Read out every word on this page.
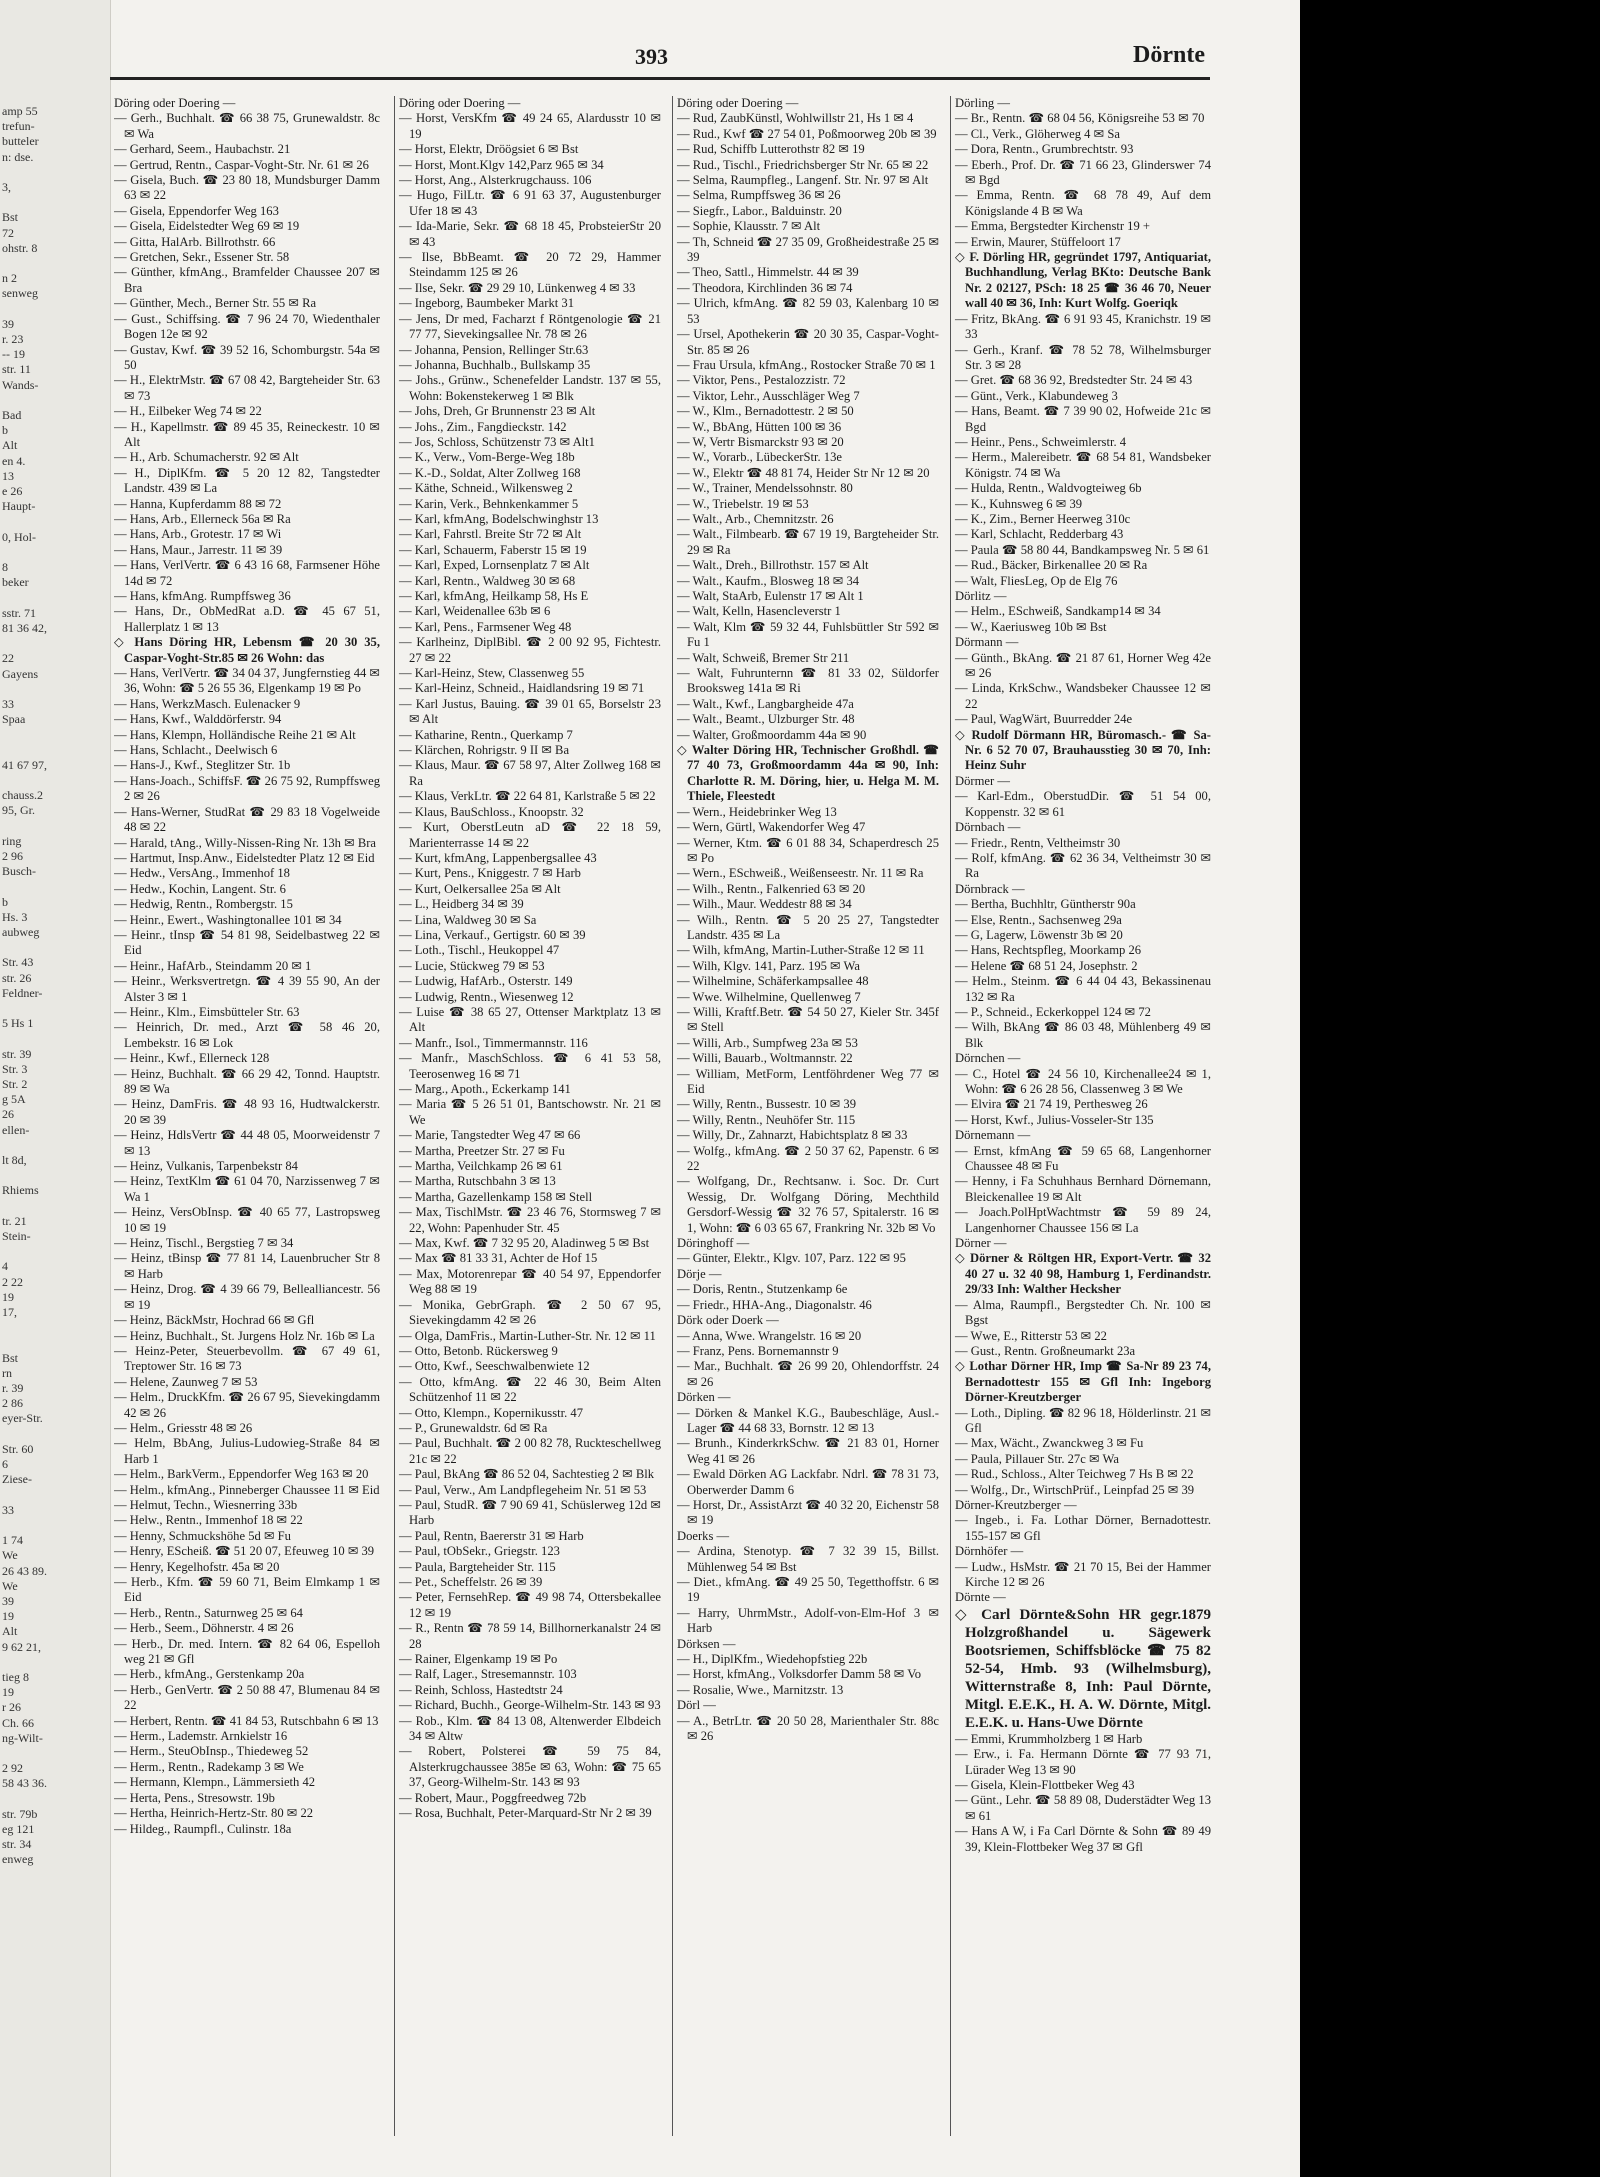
amp 55
trefun-
butteler
n: dse.

3,

Bst
72
ohstr. 8

n 2
senweg

39
r. 23
-- 19
str. 11
Wands-

Bad
b
Alt
en 4.
13
e 26
Haupt-

0, Hol-

8
beker

sstr. 71
81 36 42,

22
Gayens

33
Spaa

41 67 97,

chauss.2
95, Gr.

ring
2 96
Busch-

b
Hs. 3
aubweg

Str. 43
str. 26
Feldner-

5 Hs 1

str. 39
Str. 3
Str. 2
g 5A
26
ellen-

lt 8d,

Rhiems

tr. 21
Stein-

4
2 22
19
17,

Bst
rn
r. 39
2 86
eyer-Str.

Str. 60
6
Ziese-

33

1 74
We
26 43 89.
We
39
19
Alt
9 62 21,

tieg 8
19
r 26
Ch. 66
ng-Wilt-

2 92
58 43 36.

str. 79b
eg 121
str. 34
enweg
393	Dörnte
Döring oder Doering —
— Gerh., Buchhalt. ☎ 66 38 75, Grunewaldstr. 8c ✉ Wa
— Gerhard, Seem., Haubachstr. 21
— Gertrud, Rentn., Caspar-Voght-Str. Nr. 61 ✉ 26
— Gisela, Buch. ☎ 23 80 18, Mundsburger Damm 63 ✉ 22
— Gisela, Eppendorfer Weg 163
— Gisela, Eidelstedter Weg 69 ✉ 19
— Gitta, HalArb. Billrothstr. 66
— Gretchen, Sekr., Essener Str. 58
— Günther, kfmAng., Bramfelder Chaussee 207 ✉ Bra
— Günther, Mech., Berner Str. 55 ✉ Ra
— Gust., Schiffsing. ☎ 7 96 24 70, Wiedenthaler Bogen 12e ✉ 92
— Gustav, Kwf. ☎ 39 52 16, Schomburgstr. 54a ✉ 50
— H., ElektrMstr. ☎ 67 08 42, Bargteheider Str. 63 ✉ 73
— H., Eilbeker Weg 74 ✉ 22
— H., Kapellmstr. ☎ 89 45 35, Reineckestr. 10 ✉ Alt
— H., Arb. Schumacherstr. 92 ✉ Alt
— H., DiplKfm. ☎ 5 20 12 82, Tangstedter Landstr. 439 ✉ La
— Hanna, Kupferdamm 88 ✉ 72
— Hans, Arb., Ellerneck 56a ✉ Ra
— Hans, Arb., Grotestr. 17 ✉ Wi
— Hans, Maur., Jarrestr. 11 ✉ 39
— Hans, VerlVertr. ☎ 6 43 16 68, Farmsener Höhe 14d ✉ 72
— Hans, kfmAng. Rumpffsweg 36
— Hans, Dr., ObMedRat a.D. ☎ 45 67 51, Hallerplatz 1 ✉ 13
◇ Hans Döring HR, Lebensm ☎ 20 30 35, Caspar-Voght-Str.85 ✉ 26 Wohn: das
— Hans, VerlVertr. ☎ 34 04 37, Jungfernstieg 44 ✉ 36, Wohn: ☎ 5 26 55 36, Elgenkamp 19 ✉ Po
— Hans, WerkzMasch. Eulenacker 9
— Hans, Kwf., Walddörferstr. 94
— Hans, Klempn, Holländische Reihe 21 ✉ Alt
— Hans, Schlacht., Deelwisch 6
— Hans-J., Kwf., Steglitzer Str. 1b
— Hans-Joach., SchiffsF. ☎ 26 75 92, Rumpffsweg 2 ✉ 26
— Hans-Werner, StudRat ☎ 29 83 18 Vogelweide 48 ✉ 22
— Harald, tAng., Willy-Nissen-Ring Nr. 13h ✉ Bra
— Hartmut, Insp.Anw., Eidelstedter Platz 12 ✉ Eid
— Hedw., VersAng., Immenhof 18
— Hedw., Kochin, Langent. Str. 6
— Hedwig, Rentn., Rombergstr. 15
— Heinr., Ewert., Washingtonallee 101 ✉ 34
— Heinr., tInsp ☎ 54 81 98, Seidelbastweg 22 ✉ Eid
— Heinr., HafArb., Steindamm 20 ✉ 1
— Heinr., Werksvertretgn. ☎ 4 39 55 90, An der Alster 3 ✉ 1
— Heinr., Klm., Eimsbütteler Str. 63
— Heinrich, Dr. med., Arzt ☎ 58 46 20, Lembekstr. 16 ✉ Lok
— Heinr., Kwf., Ellerneck 128
— Heinz, Buchhalt. ☎ 66 29 42, Tonnd. Hauptstr. 89 ✉ Wa
— Heinz, DamFris. ☎ 48 93 16, Hudtwalckerstr. 20 ✉ 39
— Heinz, HdlsVertr ☎ 44 48 05, Moorweidenstr 7 ✉ 13
— Heinz, Vulkanis, Tarpenbekstr 84
— Heinz, TextKlm ☎ 61 04 70, Narzissenweg 7 ✉ Wa 1
— Heinz, VersObInsp. ☎ 40 65 77, Lastropsweg 10 ✉ 19
— Heinz, Tischl., Bergstieg 7 ✉ 34
— Heinz, tBinsp ☎ 77 81 14, Lauenbrucher Str 8 ✉ Harb
— Heinz, Drog. ☎ 4 39 66 79, Bellealliancestr. 56 ✉ 19
— Heinz, BäckMstr, Hochrad 66 ✉ Gfl
— Heinz, Buchhalt., St. Jurgens Holz Nr. 16b ✉ La
— Heinz-Peter, Steuerbevollm. ☎ 67 49 61, Treptower Str. 16 ✉ 73
— Helene, Zaunweg 7 ✉ 53
— Helm., DruckKfm. ☎ 26 67 95, Sievekingdamm 42 ✉ 26
— Helm., Griesstr 48 ✉ 26
— Helm, BbAng, Julius-Ludowieg-Straße 84 ✉ Harb 1
— Helm., BarkVerm., Eppendorfer Weg 163 ✉ 20
— Helm., kfmAng., Pinneberger Chaussee 11 ✉ Eid
— Helmut, Techn., Wiesnerring 33b
— Helw., Rentn., Immenhof 18 ✉ 22
— Henny, Schmuckshöhe 5d ✉ Fu
— Henry, EScheiß. ☎ 51 20 07, Efeuweg 10 ✉ 39
— Henry, Kegelhofstr. 45a ✉ 20
— Herb., Kfm. ☎ 59 60 71, Beim Elmkamp 1 ✉ Eid
— Herb., Rentn., Saturnweg 25 ✉ 64
— Herb., Seem., Döhnerstr. 4 ✉ 26
— Herb., Dr. med. Intern. ☎ 82 64 06, Espelloh weg 21 ✉ Gfl
— Herb., kfmAng., Gerstenkamp 20a
— Herb., GenVertr. ☎ 2 50 88 47, Blumenau 84 ✉ 22
— Herbert, Rentn. ☎ 41 84 53, Rutschbahn 6 ✉ 13
— Herm., Lademstr. Arnkielstr 16
— Herm., SteuObInsp., Thiedeweg 52
— Herm., Rentn., Radekamp 3 ✉ We
— Hermann, Klempn., Lämmersieth 42
— Herta, Pens., Stresowstr. 19b
— Hertha, Heinrich-Hertz-Str. 80 ✉ 22
— Hildeg., Raumpfl., Culinstr. 18a
Döring oder Doering —
— Horst, VersKfm ☎ 49 24 65, Alardusstr 10 ✉ 19
— Horst, Elektr, Dröögsiet 6 ✉ Bst
— Horst, Mont.Klgv 142,Parz 965 ✉ 34
— Horst, Ang., Alsterkrugchauss. 106
— Hugo, FilLtr. ☎ 6 91 63 37, Augustenburger Ufer 18 ✉ 43
— Ida-Marie, Sekr. ☎ 68 18 45, ProbsteierStr 20 ✉ 43
— Ilse, BbBeamt. ☎ 20 72 29, Hammer Steindamm 125 ✉ 26
— Ilse, Sekr. ☎ 29 29 10, Lünkenweg 4 ✉ 33
— Ingeborg, Baumbeker Markt 31
— Jens, Dr med, Facharzt f Röntgenologie ☎ 21 77 77, Sievekingsallee Nr. 78 ✉ 26
— Johanna, Pension, Rellinger Str.63
— Johanna, Buchhalb., Bullskamp 35
— Johs., Grünw., Schenefelder Landstr. 137 ✉ 55, Wohn: Bokenstekerweg 1 ✉ Blk
— Johs, Dreh, Gr Brunnenstr 23 ✉ Alt
— Johs., Zim., Fangdieckstr. 142
— Jos, Schloss, Schützenstr 73 ✉ Alt1
— K., Verw., Vom-Berge-Weg 18b
— K.-D., Soldat, Alter Zollweg 168
— Käthe, Schneid., Wilkensweg 2
— Karin, Verk., Behnkenkammer 5
— Karl, kfmAng, Bodelschwinghstr 13
— Karl, Fahrstl. Breite Str 72 ✉ Alt
— Karl, Schauerm, Faberstr 15 ✉ 19
— Karl, Exped, Lornsenplatz 7 ✉ Alt
— Karl, Rentn., Waldweg 30 ✉ 68
— Karl, kfmAng, Heilkamp 58, Hs E
— Karl, Weidenallee 63b ✉ 6
— Karl, Pens., Farmsener Weg 48
— Karlheinz, DiplBibl. ☎ 2 00 92 95, Fichtestr. 27 ✉ 22
— Karl-Heinz, Stew, Classenweg 55
— Karl-Heinz, Schneid., Haidlandsring 19 ✉ 71
— Karl Justus, Bauing. ☎ 39 01 65, Borselstr 23 ✉ Alt
— Katharine, Rentn., Querkamp 7
— Klärchen, Rohrigstr. 9 II ✉ Ba
— Klaus, Maur. ☎ 67 58 97, Alter Zollweg 168 ✉ Ra
— Klaus, VerkLtr. ☎ 22 64 81, Karlstraße 5 ✉ 22
— Klaus, BauSchloss., Knoopstr. 32
— Kurt, OberstLeutn aD ☎ 22 18 59, Marienterrasse 14 ✉ 22
— Kurt, kfmAng, Lappenbergsallee 43
— Kurt, Pens., Kniggestr. 7 ✉ Harb
— Kurt, Oelkersallee 25a ✉ Alt
— L., Heidberg 34 ✉ 39
— Lina, Waldweg 30 ✉ Sa
— Lina, Verkauf., Gertigstr. 60 ✉ 39
— Loth., Tischl., Heukoppel 47
— Lucie, Stückweg 79 ✉ 53
— Ludwig, HafArb., Osterstr. 149
— Ludwig, Rentn., Wiesenweg 12
— Luise ☎ 38 65 27, Ottenser Marktplatz 13 ✉ Alt
— Manfr., Isol., Timmermannstr. 116
— Manfr., MaschSchloss. ☎ 6 41 53 58, Teerosenweg 16 ✉ 71
— Marg., Apoth., Eckerkamp 141
— Maria ☎ 5 26 51 01, Bantschowstr. Nr. 21 ✉ We
— Marie, Tangstedter Weg 47 ✉ 66
— Martha, Preetzer Str. 27 ✉ Fu
— Martha, Veilchkamp 26 ✉ 61
— Martha, Rutschbahn 3 ✉ 13
— Martha, Gazellenkamp 158 ✉ Stell
— Max, TischlMstr. ☎ 23 46 76, Stormsweg 7 ✉ 22, Wohn: Papenhuder Str. 45
— Max, Kwf. ☎ 7 32 95 20, Aladinweg 5 ✉ Bst
— Max ☎ 81 33 31, Achter de Hof 15
— Max, Motorenrepar ☎ 40 54 97, Eppendorfer Weg 88 ✉ 19
— Monika, GebrGraph. ☎ 2 50 67 95, Sievekingdamm 42 ✉ 26
— Olga, DamFris., Martin-Luther-Str. Nr. 12 ✉ 11
— Otto, Betonb. Rückersweg 9
— Otto, Kwf., Seeschwalbenwiete 12
— Otto, kfmAng. ☎ 22 46 30, Beim Alten Schützenhof 11 ✉ 22
— Otto, Klempn., Kopernikusstr. 47
— P., Grunewaldstr. 6d ✉ Ra
— Paul, Buchhalt. ☎ 2 00 82 78, Ruckteschellweg 21c ✉ 22
— Paul, BkAng ☎ 86 52 04, Sachtestieg 2 ✉ Blk
— Paul, Verw., Am Landpflegeheim Nr. 51 ✉ 53
— Paul, StudR. ☎ 7 90 69 41, Schüslerweg 12d ✉ Harb
— Paul, Rentn, Baererstr 31 ✉ Harb
— Paul, tObSekr., Griegstr. 123
— Paula, Bargteheider Str. 115
— Pet., Scheffelstr. 26 ✉ 39
— Peter, FernsehRep. ☎ 49 98 74, Ottersbekallee 12 ✉ 19
— R., Rentn ☎ 78 59 14, Billhornerkanalstr 24 ✉ 28
— Rainer, Elgenkamp 19 ✉ Po
— Ralf, Lager., Stresemannstr. 103
— Reinh, Schloss, Hastedtstr 24
— Richard, Buchh., George-Wilhelm-Str. 143 ✉ 93
— Rob., Klm. ☎ 84 13 08, Altenwerder Elbdeich 34 ✉ Altw
— Robert, Polsterei ☎ 59 75 84, Alsterkrugchaussee 385e ✉ 63, Wohn: ☎ 75 65 37, Georg-Wilhelm-Str. 143 ✉ 93
— Robert, Maur., Poggfreedweg 72b
— Rosa, Buchhalt, Peter-Marquard-Str Nr 2 ✉ 39
Döring oder Doering —
— Rud, ZaubKünstl, Wohlwillstr 21, Hs 1 ✉ 4
— Rud., Kwf ☎ 27 54 01, Poßmoorweg 20b ✉ 39
— Rud, Schiffb Lutterothstr 82 ✉ 19
— Rud., Tischl., Friedrichsberger Str Nr. 65 ✉ 22
— Selma, Raumpfleg., Langenf. Str. Nr. 97 ✉ Alt
— Selma, Rumpffsweg 36 ✉ 26
— Siegfr., Labor., Balduinstr. 20
— Sophie, Klausstr. 7 ✉ Alt
— Th, Schneid ☎ 27 35 09, Großheidestraße 25 ✉ 39
— Theo, Sattl., Himmelstr. 44 ✉ 39
— Theodora, Kirchlinden 36 ✉ 74
— Ulrich, kfmAng. ☎ 82 59 03, Kalenbarg 10 ✉ 53
— Ursel, Apothekerin ☎ 20 30 35, Caspar-Voght-Str. 85 ✉ 26
— Frau Ursula, kfmAng., Rostocker Straße 70 ✉ 1
— Viktor, Pens., Pestalozzistr. 72
— Viktor, Lehr., Ausschläger Weg 7
— W., Klm., Bernadottestr. 2 ✉ 50
— W., BbAng, Hütten 100 ✉ 36
— W, Vertr Bismarckstr 93 ✉ 20
— W., Vorarb., LübeckerStr. 13e
— W., Elektr ☎ 48 81 74, Heider Str Nr 12 ✉ 20
— W., Trainer, Mendelssohnstr. 80
— W., Triebelstr. 19 ✉ 53
— Walt., Arb., Chemnitzstr. 26
— Walt., Filmbearb. ☎ 67 19 19, Bargteheider Str. 29 ✉ Ra
— Walt., Dreh., Billrothstr. 157 ✉ Alt
— Walt., Kaufm., Blosweg 18 ✉ 34
— Walt, StaArb, Eulenstr 17 ✉ Alt 1
— Walt, Kelln, Hasencleverstr 1
— Walt, Klm ☎ 59 32 44, Fuhlsbüttler Str 592 ✉ Fu 1
— Walt, Schweiß, Bremer Str 211
— Walt, Fuhrunternn ☎ 81 33 02, Süldorfer Brooksweg 141a ✉ Ri
— Walt., Kwf., Langbargheide 47a
— Walt., Beamt., Ulzburger Str. 48
— Walter, Großmoordamm 44a ✉ 90
◇ Walter Döring HR, Technischer Großhdl. ☎ 77 40 73, Großmoordamm 44a ✉ 90, Inh: Charlotte R. M. Döring, hier, u. Helga M. M. Thiele, Fleestedt
— Wern., Heidebrinker Weg 13
— Wern, Gürtl, Wakendorfer Weg 47
— Werner, Ktm. ☎ 6 01 88 34, Schaperdresch 25 ✉ Po
— Wern., ESchweiß., Weißenseestr. Nr. 11 ✉ Ra
— Wilh., Rentn., Falkenried 63 ✉ 20
— Wilh., Maur. Weddestr 88 ✉ 34
— Wilh., Rentn. ☎ 5 20 25 27, Tangstedter Landstr. 435 ✉ La
— Wilh, kfmAng, Martin-Luther-Straße 12 ✉ 11
— Wilh, Klgv. 141, Parz. 195 ✉ Wa
— Wilhelmine, Schäferkampsallee 48
— Wwe. Wilhelmine, Quellenweg 7
— Willi, Kraftf.Betr. ☎ 54 50 27, Kieler Str. 345f ✉ Stell
— Willi, Arb., Sumpfweg 23a ✉ 53
— Willi, Bauarb., Woltmannstr. 22
— William, MetForm, Lentföhrdener Weg 77 ✉ Eid
— Willy, Rentn., Bussestr. 10 ✉ 39
— Willy, Rentn., Neuhöfer Str. 115
— Willy, Dr., Zahnarzt, Habichtsplatz 8 ✉ 33
— Wolfg., kfmAng. ☎ 2 50 37 62, Papenstr. 6 ✉ 22
— Wolfgang, Dr., Rechtsanw. i. Soc. Dr. Curt Wessig, Dr. Wolfgang Döring, Mechthild Gersdorf-Wessig ☎ 32 76 57, Spitalerstr. 16 ✉ 1, Wohn: ☎ 6 03 65 67, Frankring Nr. 32b ✉ Vo
Döringhoff —
— Günter, Elektr., Klgv. 107, Parz. 122 ✉ 95
Dörje —
— Doris, Rentn., Stutzenkamp 6e
— Friedr., HHA-Ang., Diagonalstr. 46
Dörk oder Doerk —
— Anna, Wwe. Wrangelstr. 16 ✉ 20
— Franz, Pens. Bornemannstr 9
— Mar., Buchhalt. ☎ 26 99 20, Ohlendorffstr. 24 ✉ 26
Dörken —
— Dörken & Mankel K.G., Baubeschläge, Ausl.-Lager ☎ 44 68 33, Bornstr. 12 ✉ 13
— Brunh., KinderkrkSchw. ☎ 21 83 01, Horner Weg 41 ✉ 26
— Ewald Dörken AG Lackfabr. Ndrl. ☎ 78 31 73, Oberwerder Damm 6
— Horst, Dr., AssistArzt ☎ 40 32 20, Eichenstr 58 ✉ 19
Doerks —
— Ardina, Stenotyp. ☎ 7 32 39 15, Billst. Mühlenweg 54 ✉ Bst
— Diet., kfmAng. ☎ 49 25 50, Tegetthoffstr. 6 ✉ 19
— Harry, UhrmMstr., Adolf-von-Elm-Hof 3 ✉ Harb
Dörksen —
— H., DiplKfm., Wiedehopfstieg 22b
— Horst, kfmAng., Volksdorfer Damm 58 ✉ Vo
— Rosalie, Wwe., Marnitzstr. 13
Dörl —
— A., BetrLtr. ☎ 20 50 28, Marienthaler Str. 88c ✉ 26
Dörling —
— Br., Rentn. ☎ 68 04 56, Königsreihe 53 ✉ 70
— Cl., Verk., Glöherweg 4 ✉ Sa
— Dora, Rentn., Grumbrechtstr. 93
— Eberh., Prof. Dr. ☎ 71 66 23, Glinderswег 74 ✉ Bgd
— Emma, Rentn. ☎ 68 78 49, Auf dem Königslande 4 B ✉ Wa
— Emma, Bergstedter Kirchenstr 19 +
— Erwin, Maurer, Stüffeloort 17
◇ F. Dörling HR, gegründet 1797, Antiquariat, Buchhandlung, Verlag BKto: Deutsche Bank Nr. 2 02127, PSch: 18 25 ☎ 36 46 70, Neuer wall 40 ✉ 36, Inh: Kurt Wolfg. Goeriqk
— Fritz, BkAng. ☎ 6 91 93 45, Kranichstr. 19 ✉ 33
— Gerh., Kranf. ☎ 78 52 78, Wilhelmsburger Str. 3 ✉ 28
— Gret. ☎ 68 36 92, Bredstedter Str. 24 ✉ 43
— Günt., Verk., Klabundeweg 3
— Hans, Beamt. ☎ 7 39 90 02, Hofweide 21c ✉ Bgd
— Heinr., Pens., Schweimlerstr. 4
— Herm., Malereibetr. ☎ 68 54 81, Wandsbeker Königstr. 74 ✉ Wa
— Hulda, Rentn., Waldvogteiweg 6b
— K., Kuhnsweg 6 ✉ 39
— K., Zim., Berner Heerweg 310c
— Karl, Schlacht, Redderbarg 43
— Paula ☎ 58 80 44, Bandkampsweg Nr. 5 ✉ 61
— Rud., Bäcker, Birkenallee 20 ✉ Ra
— Walt, FliesLeg, Op de Elg 76
Dörlitz —
— Helm., ESchweiß, Sandkamp14 ✉ 34
— W., Kaeriusweg 10b ✉ Bst
Dörmann —
— Günth., BkAng. ☎ 21 87 61, Horner Weg 42e ✉ 26
— Linda, KrkSchw., Wandsbeker Chaussee 12 ✉ 22
— Paul, WagWärt, Buurredder 24e
◇ Rudolf Dörmann HR, Büromasch.- ☎ Sa-Nr. 6 52 70 07, Brauhausstieg 30 ✉ 70, Inh: Heinz Suhr
Dörmer —
— Karl-Edm., OberstudDir. ☎ 51 54 00, Koppenstr. 32 ✉ 61
Dörnbach —
— Friedr., Rentn, Veltheimstr 30
— Rolf, kfmAng. ☎ 62 36 34, Veltheimstr 30 ✉ Ra
Dörnbrack —
— Bertha, Buchhltr, Güntherstr 90a
— Else, Rentn., Sachsenweg 29a
— G, Lagerw, Löwenstr 3b ✉ 20
— Hans, Rechtspfleg, Moorkamp 26
— Helene ☎ 68 51 24, Josephstr. 2
— Helm., Steinm. ☎ 6 44 04 43, Bekassinenau 132 ✉ Ra
— P., Schneid., Eckerkoppel 124 ✉ 72
— Wilh, BkAng ☎ 86 03 48, Mühlenberg 49 ✉ Blk
Dörnchen —
— C., Hotel ☎ 24 56 10, Kirchenallee24 ✉ 1, Wohn: ☎ 6 26 28 56, Classenweg 3 ✉ We
— Elvira ☎ 21 74 19, Perthesweg 26
— Horst, Kwf., Julius-Vosseler-Str 135
Dörnemann —
— Ernst, kfmAng ☎ 59 65 68, Langenhorner Chaussee 48 ✉ Fu
— Henny, i Fa Schuhhaus Bernhard Dörnemann, Bleickenallee 19 ✉ Alt
— Joach.PolHptWachtmstr ☎ 59 89 24, Langenhorner Chaussee 156 ✉ La
Dörner —
◇ Dörner & Röltgen HR, Export-Vertr. ☎ 32 40 27 u. 32 40 98, Hamburg 1, Ferdinandstr. 29/33 Inh: Walther Hecksher
— Alma, Raumpfl., Bergstedter Ch. Nr. 100 ✉ Bgst
— Wwe, E., Ritterstr 53 ✉ 22
— Gust., Rentn. Großneumarkt 23a
◇ Lothar Dörner HR, Imp ☎ Sa-Nr 89 23 74, Bernadottestr 155 ✉ Gfl Inh: Ingeborg Dörner-Kreutzberger
— Loth., Dipling. ☎ 82 96 18, Hölderlinstr. 21 ✉ Gfl
— Max, Wächt., Zwanckweg 3 ✉ Fu
— Paula, Pillauer Str. 27c ✉ Wa
— Rud., Schloss., Alter Teichweg 7 Hs B ✉ 22
— Wolfg., Dr., WirtschPrüf., Leinpfad 25 ✉ 39
Dörner-Kreutzberger —
— Ingeb., i. Fa. Lothar Dörner, Bernadottestr. 155-157 ✉ Gfl
Dörnhöfer —
— Ludw., HsMstr. ☎ 21 70 15, Bei der Hammer Kirche 12 ✉ 26
Dörnte —
◇ Carl Dörnte&Sohn HR gegr.1879 Holzgroßhandel u. Sägewerk Bootsriemen, Schiffsblöcke ☎ 75 82 52-54, Hmb. 93 (Wilhelmsburg), Witternstraße 8, Inh: Paul Dörnte, Mitgl. E.E.K., H. A. W. Dörnte, Mitgl. E.E.K. u. Hans-Uwe Dörnte
— Emmi, Krummholzberg 1 ✉ Harb
— Erw., i. Fa. Hermann Dörnte ☎ 77 93 71, Lürader Weg 13 ✉ 90
— Gisela, Klein-Flottbeker Weg 43
— Günt., Lehr. ☎ 58 89 08, Duderstädter Weg 13 ✉ 61
— Hans A W, i Fa Carl Dörnte & Sohn ☎ 89 49 39, Klein-Flottbeker Weg 37 ✉ Gfl
